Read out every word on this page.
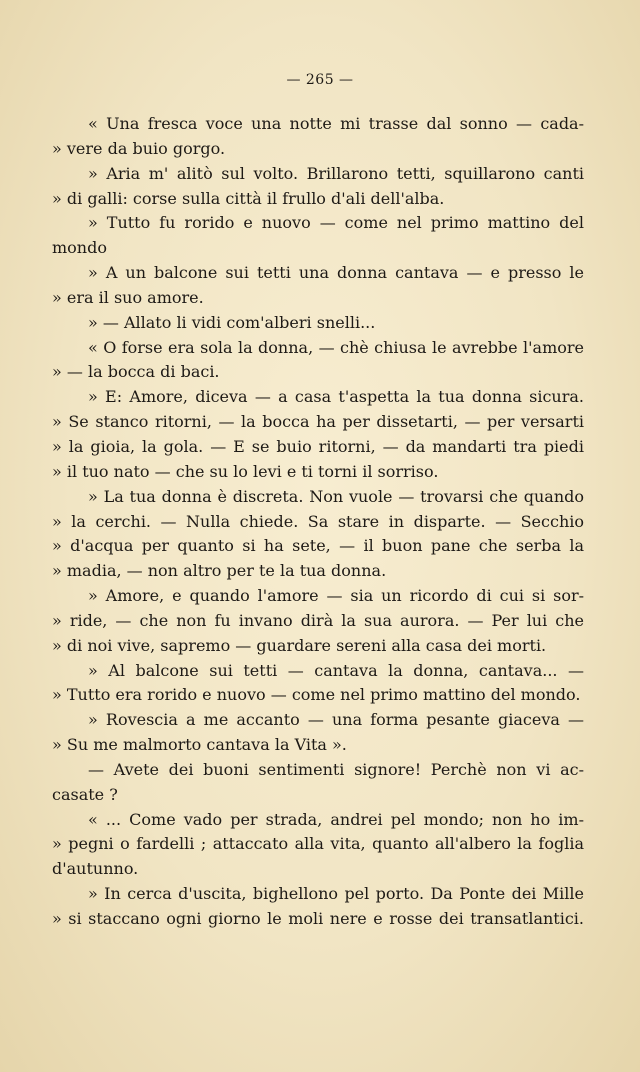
— 265 —
« Una fresca voce una notte mi trasse dal sonno — cada-
» vere da buio gorgo.
» Aria m' alitò sul volto. Brillarono tetti, squillarono canti
» di galli: corse sulla città il frullo d'ali dell'alba.
» Tutto fu rorido e nuovo — come nel primo mattino del
mondo
» A un balcone sui tetti una donna cantava — e presso le
» era il suo amore.
» — Allato li vidi com'alberi snelli...
« O forse era sola la donna, — chè chiusa le avrebbe l'amore
» — la bocca di baci.
» E: Amore, diceva — a casa t'aspetta la tua donna sicura.
» Se stanco ritorni, — la bocca ha per dissetarti, — per versarti
» la gioia, la gola. — E se buio ritorni, — da mandarti tra piedi
» il tuo nato — che su lo levi e ti torni il sorriso.
» La tua donna è discreta. Non vuole — trovarsi che quando
» la cerchi. — Nulla chiede. Sa stare in disparte. — Secchio
» d'acqua per quanto si ha sete, — il buon pane che serba la
» madia, — non altro per te la tua donna.
» Amore, e quando l'amore — sia un ricordo di cui si sor-
» ride, — che non fu invano dirà la sua aurora. — Per lui che
» di noi vive, sapremo — guardare sereni alla casa dei morti.
» Al balcone sui tetti — cantava la donna, cantava... —
» Tutto era rorido e nuovo — come nel primo mattino del mondo.
» Rovescia a me accanto — una forma pesante giaceva —
» Su me malmorto cantava la Vita ».
— Avete dei buoni sentimenti signore! Perchè non vi ac-
casate ?
« ... Come vado per strada, andrei pel mondo; non ho im-
» pegni o fardelli ; attaccato alla vita, quanto all'albero la foglia
d'autunno.
» In cerca d'uscita, bighellono pel porto. Da Ponte dei Mille
» si staccano ogni giorno le moli nere e rosse dei transatlantici.
